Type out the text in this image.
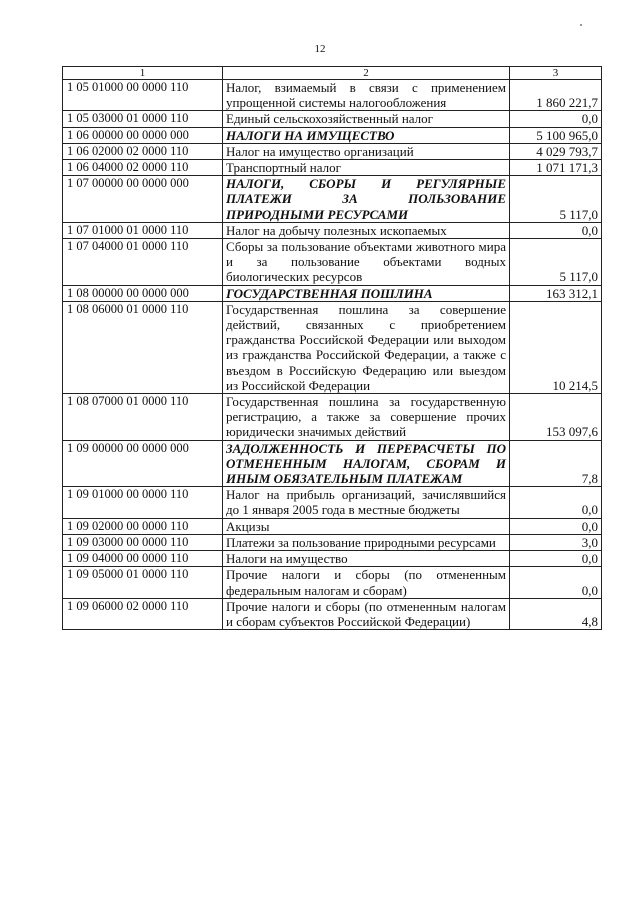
12
1	2	3
1 05 01000 00 0000 110	Налог, взимаемый в связи с применением упрощенной системы налогообложения	1 860 221,7
1 05 03000 01 0000 110	Единый сельскохозяйственный налог	0,0
1 06 00000 00 0000 000	НАЛОГИ НА ИМУЩЕСТВО	5 100 965,0
1 06 02000 02 0000 110	Налог на имущество организаций	4 029 793,7
1 06 04000 02 0000 110	Транспортный налог	1 071 171,3
1 07 00000 00 0000 000	НАЛОГИ, СБОРЫ И РЕГУЛЯРНЫЕ ПЛАТЕЖИ ЗА ПОЛЬЗОВАНИЕ ПРИРОДНЫМИ РЕСУРСАМИ	5 117,0
1 07 01000 01 0000 110	Налог на добычу полезных ископаемых	0,0
1 07 04000 01 0000 110	Сборы за пользование объектами животного мира и за пользование объектами водных биологических ресурсов	5 117,0
1 08 00000 00 0000 000	ГОСУДАРСТВЕННАЯ ПОШЛИНА	163 312,1
1 08 06000 01 0000 110	Государственная пошлина за совершение действий, связанных с приобретением гражданства Российской Федерации или выходом из гражданства Российской Федерации, а также с въездом в Российскую Федерацию или выездом из Российской Федерации	10 214,5
1 08 07000 01 0000 110	Государственная пошлина за государственную регистрацию, а также за совершение прочих юридически значимых действий	153 097,6
1 09 00000 00 0000 000	ЗАДОЛЖЕННОСТЬ И ПЕРЕРАСЧЕТЫ ПО ОТМЕНЕННЫМ НАЛОГАМ, СБОРАМ И ИНЫМ ОБЯЗАТЕЛЬНЫМ ПЛАТЕЖАМ	7,8
1 09 01000 00 0000 110	Налог на прибыль организаций, зачислявшийся до 1 января 2005 года в местные бюджеты	0,0
1 09 02000 00 0000 110	Акцизы	0,0
1 09 03000 00 0000 110	Платежи за пользование природными ресурсами	3,0
1 09 04000 00 0000 110	Налоги на имущество	0,0
1 09 05000 01 0000 110	Прочие налоги и сборы (по отмененным федеральным налогам и сборам)	0,0
1 09 06000 02 0000 110	Прочие налоги и сборы (по отмененным налогам и сборам субъектов Российской Федерации)	4,8
